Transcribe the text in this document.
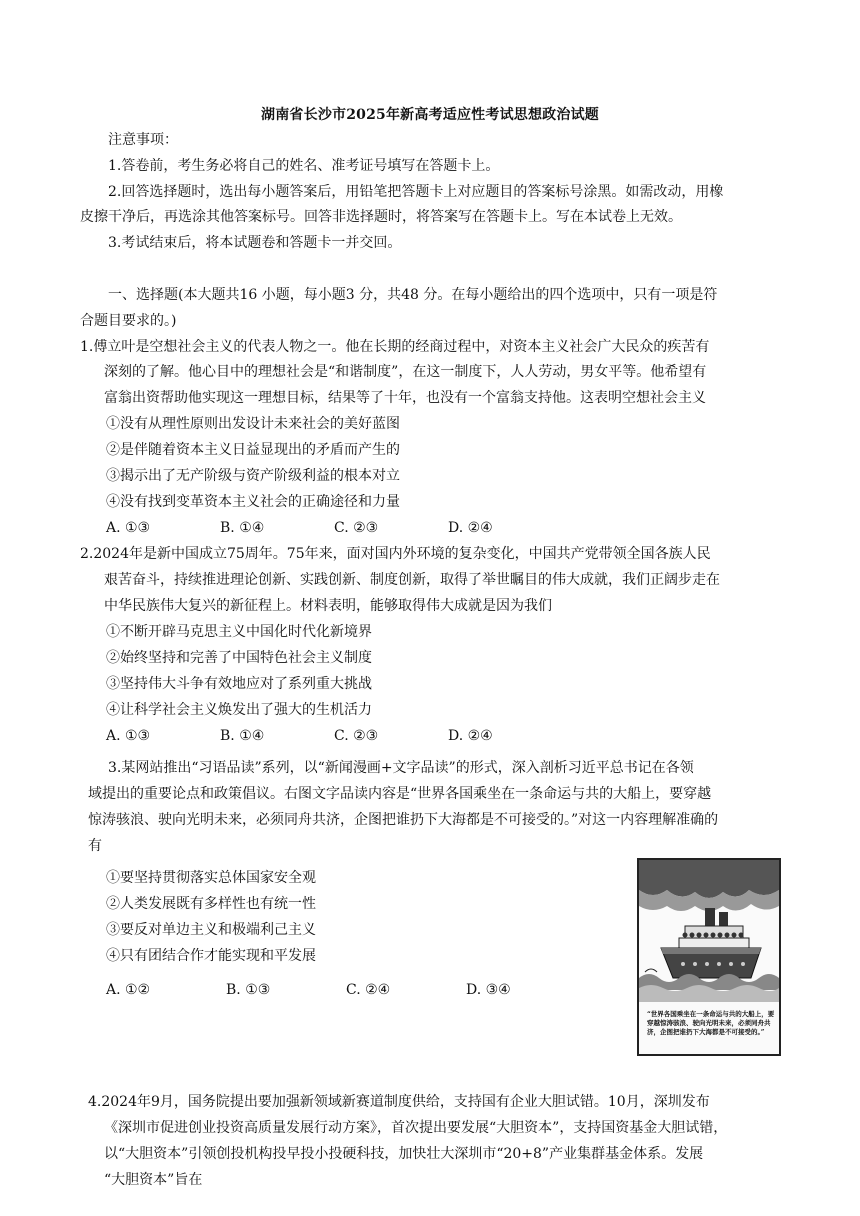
湖南省长沙市2025年新高考适应性考试思想政治试题
注意事项：
1.答卷前，考生务必将自己的姓名、准考证号填写在答题卡上。
2.回答选择题时，选出每小题答案后，用铅笔把答题卡上对应题目的答案标号涂黑。如需改动，用橡
皮擦干净后，再选涂其他答案标号。回答非选择题时，将答案写在答题卡上。写在本试卷上无效。
3.考试结束后，将本试题卷和答题卡一并交回。
一、选择题(本大题共16 小题，每小题3 分，共48 分。在每小题给出的四个选项中，只有一项是符
合题目要求的。)
1.傅立叶是空想社会主义的代表人物之一。他在长期的经商过程中，对资本主义社会广大民众的疾苦有
深刻的了解。他心目中的理想社会是“和谐制度”，在这一制度下，人人劳动，男女平等。他希望有
富翁出资帮助他实现这一理想目标，结果等了十年，也没有一个富翁支持他。这表明空想社会主义
①没有从理性原则出发设计未来社会的美好蓝图
②是伴随着资本主义日益显现出的矛盾而产生的
③揭示出了无产阶级与资产阶级利益的根本对立
④没有找到变革资本主义社会的正确途径和力量
A. ①③	B. ①④	C. ②③	D. ②④
2.2024年是新中国成立75周年。75年来，面对国内外环境的复杂变化，中国共产党带领全国各族人民
艰苦奋斗，持续推进理论创新、实践创新、制度创新，取得了举世瞩目的伟大成就，我们正阔步走在
中华民族伟大复兴的新征程上。材料表明，能够取得伟大成就是因为我们
①不断开辟马克思主义中国化时代化新境界
②始终坚持和完善了中国特色社会主义制度
③坚持伟大斗争有效地应对了系列重大挑战
④让科学社会主义焕发出了强大的生机活力
A. ①③	B. ①④	C. ②③	D. ②④
3.某网站推出“习语品读”系列，以“新闻漫画+文字品读”的形式，深入剖析习近平总书记在各领
域提出的重要论点和政策倡议。右图文字品读内容是“世界各国乘坐在一条命运与共的大船上，要穿越
惊涛骇浪、驶向光明未来，必须同舟共济，企图把谁扔下大海都是不可接受的。”对这一内容理解准确的
有
①要坚持贯彻落实总体国家安全观
②人类发展既有多样性也有统一性
③要反对单边主义和极端利己主义
④只有团结合作才能实现和平发展
A. ①②	B. ①③	C. ②④	D. ③④
“世界各国乘坐在一条命运与共的大船上，要穿越惊涛骇浪、驶向光明未来，必须同舟共济，企图把谁扔下大海都是不可接受的。”
4.2024年9月，国务院提出要加强新领域新赛道制度供给，支持国有企业大胆试错。10月，深圳发布
《深圳市促进创业投资高质量发展行动方案》，首次提出要发展“大胆资本”，支持国资基金大胆试错，
以“大胆资本”引领创投机构投早投小投硬科技，加快壮大深圳市“20+8”产业集群基金体系。发展
“大胆资本”旨在
